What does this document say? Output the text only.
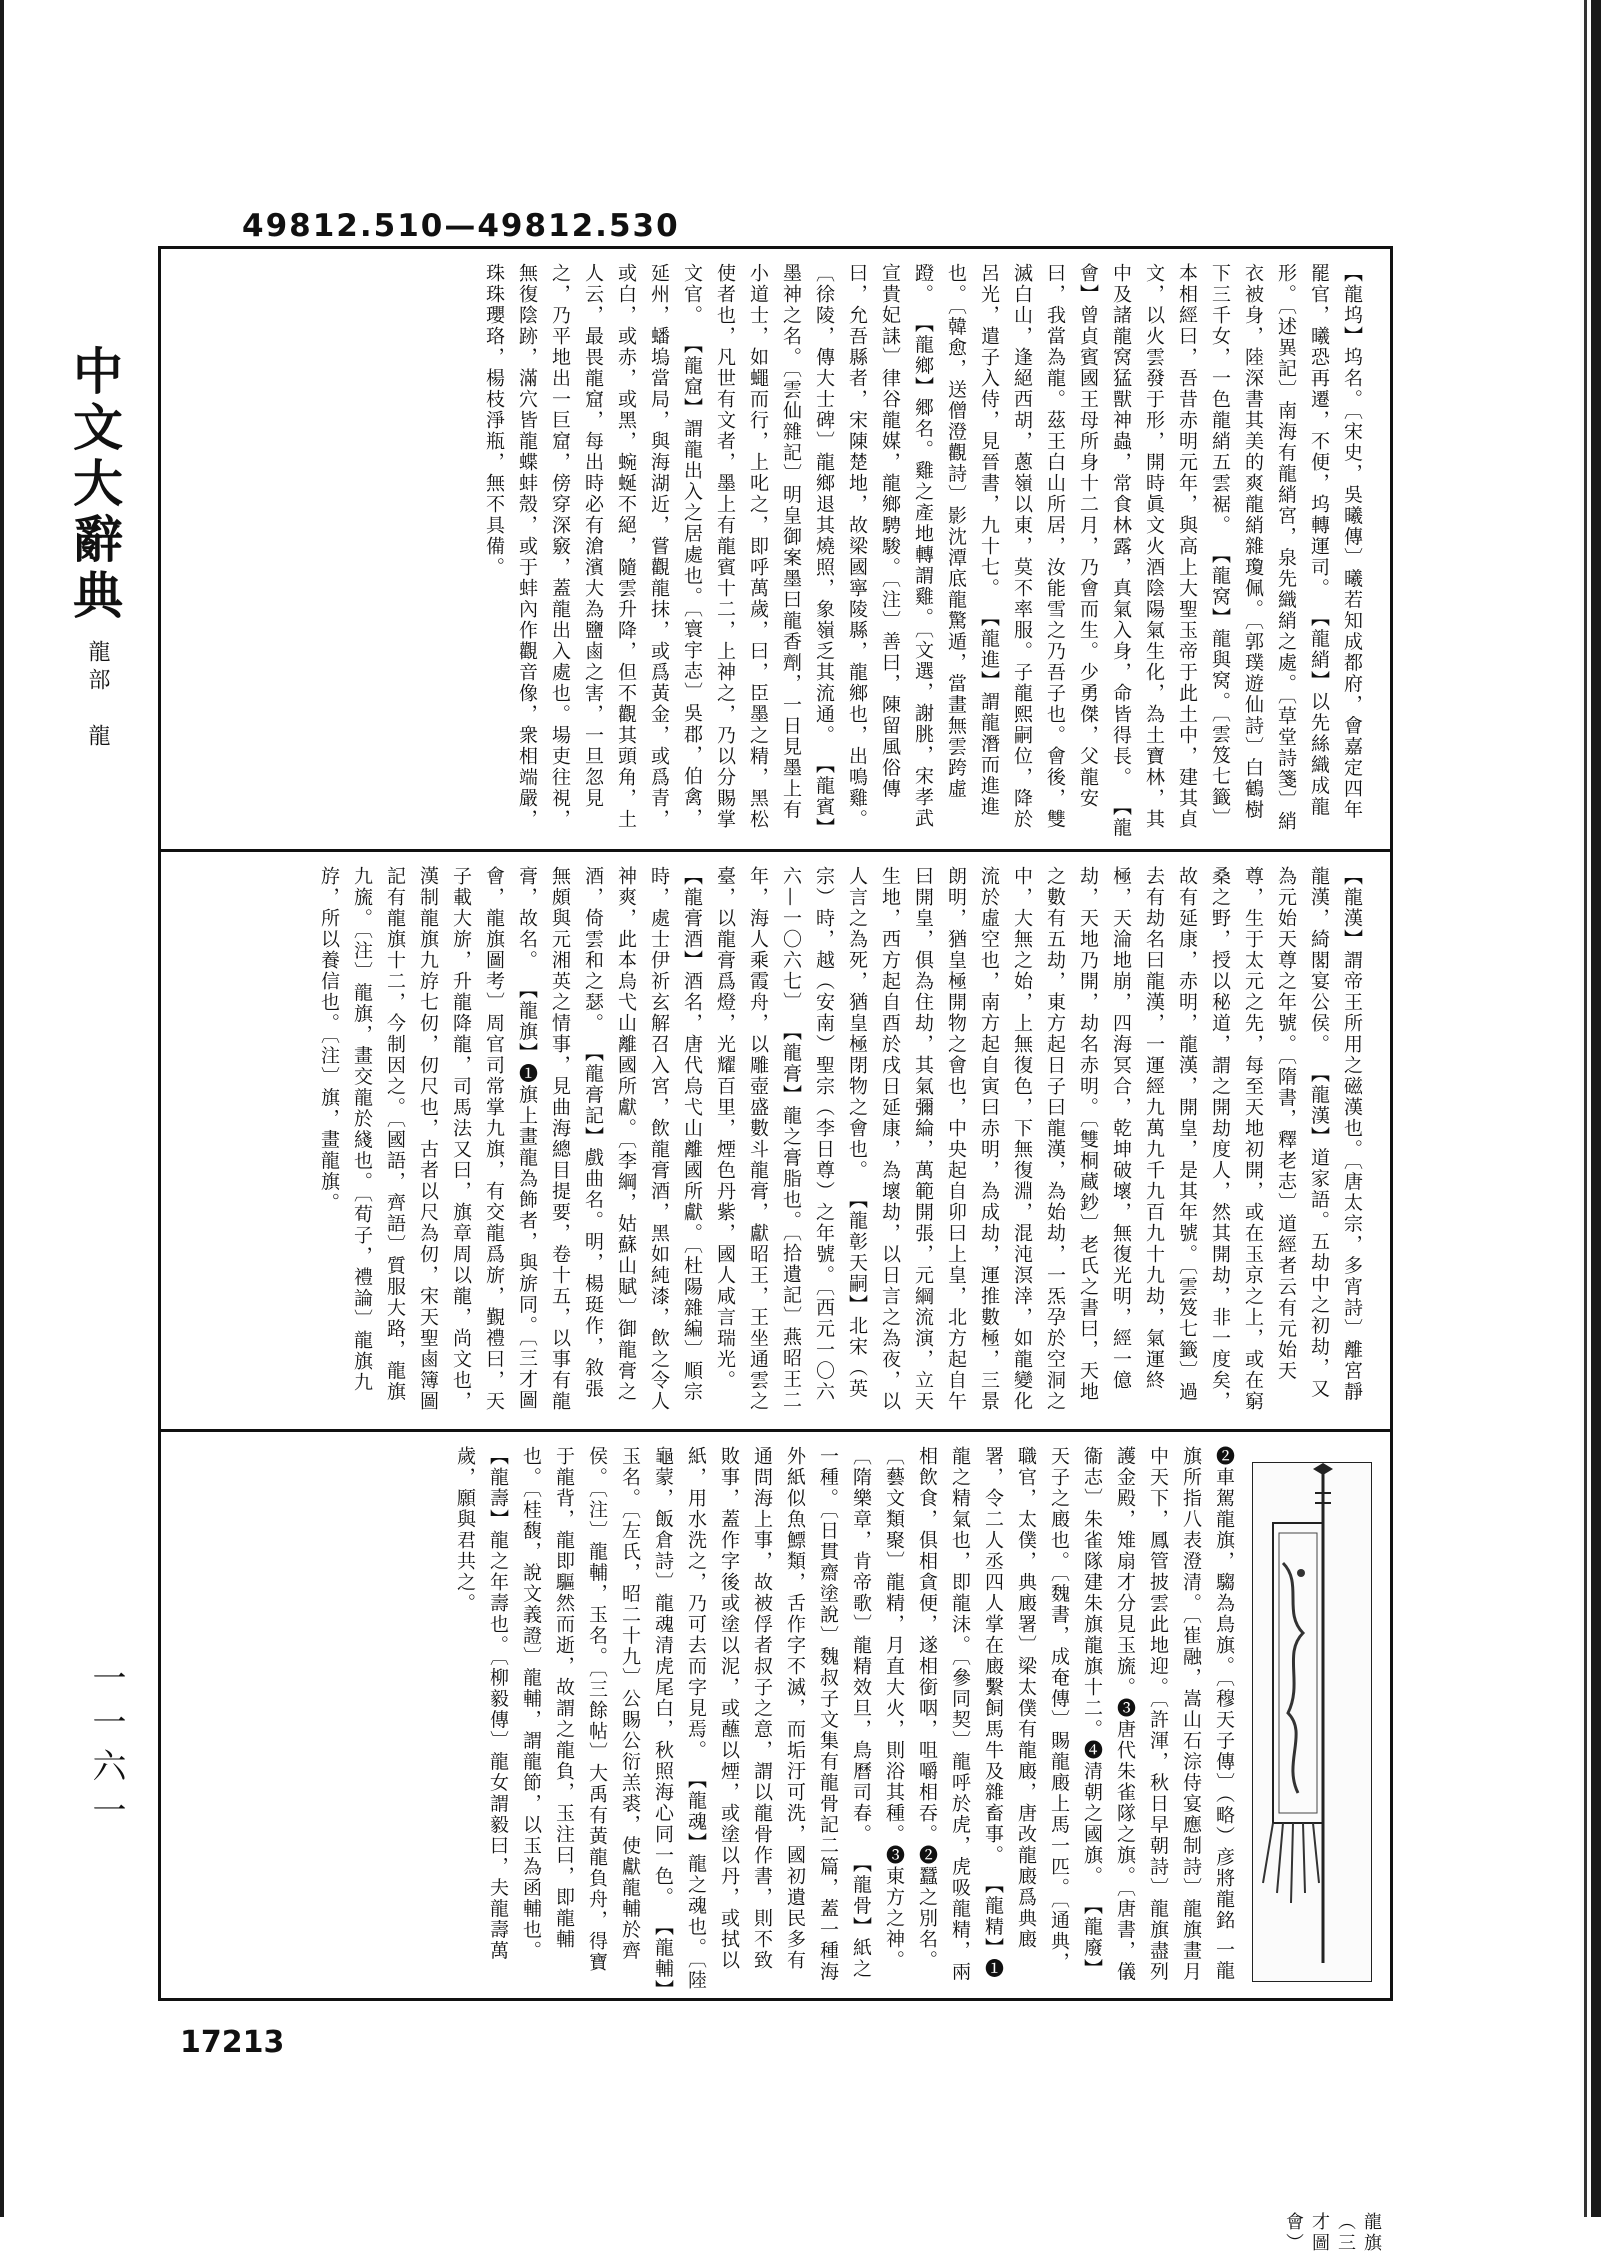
49812.510—49812.530
中文大辭典
龍部　龍
一一六一
【龍坞】坞名。〔宋史，吳曦傳〕曦若知成都府，會嘉定四年罷官，曦恐再遷，不便，坞轉運司。 【龍綃】以先絲織成龍形。〔述異記〕南海有龍綃宮，泉先織綃之處。〔草堂詩箋〕綃衣被身，陸深書其美的爽龍綃雜瓊佩。〔郭璞遊仙詩〕白鶴樹下三千女，一色龍綃五雲裾。 【龍窝】龍與窝。〔雲笈七籤〕本相經曰，吾昔赤明元年，與高上大聖玉帝于此土中，建其貞文，以火雲發于形，開時眞文火酒陰陽氣生化，為土寶林，其中及諸龍窝猛獸神蟲，常食林露，真氣入身，命皆得長。 【龍會】曾貞賓國王母所身十二月，乃會而生。少勇傑，父龍安曰，我當為龍。茲王白山所居，汝能雪之乃吾子也。會後，雙滅白山，逢絕西胡，蔥嶺以東，莫不率服。子龍熙嗣位，降於呂光，遣子入侍，見晉書，九十七。 【龍進】謂龍潛而進進也。〔韓愈，送僧澄觀詩〕影沈潭底龍驚遁，當畫無雲跨虛蹬。 【龍鄉】郷名。雞之產地轉謂雞。〔文選，謝朓，宋孝武宣貴妃誄〕律谷龍媒，龍鄉騁駿。〔注〕善曰，陳留風俗傳曰，允吾縣者，宋陳楚地，故梁國寧陵縣，龍鄉也，出鳴雞。〔徐陵，傳大士碑〕龍鄉退其燒照，象嶺乏其流通。 【龍賓】墨神之名。〔雲仙雜記〕明皇御案墨曰龍香劑，一日見墨上有小道士，如蠅而行，上叱之，即呼萬歲，曰，臣墨之精，黑松使者也，凡世有文者，墨上有龍賓十二，上神之，乃以分賜掌文官。 【龍窟】謂龍出入之居處也。〔寰宇志〕吳郡，伯禽，延州，蟠塢當局，與海湖近，嘗觀龍抹，或爲黃金，或爲青，或白，或赤，或黑，蜿蜒不絕，隨雲升降，但不觀其頭角，土人云，最畏龍窟，每出時必有滄濱大為鹽鹵之害，一旦忽見之，乃平地出一巨窟，傍穿深竅，蓋龍出入處也。場吏往視，無復陰跡，滿穴皆龍蝶蚌殼，或于蚌內作觀音像，衆相端嚴，珠珠瓔珞，楊枝淨瓶，無不具備。
【龍漢】謂帝王所用之磁漢也。〔唐太宗，多宵詩〕離宮靜龍漢，綺閣宴公侯。 【龍漢】道家語。五劫中之初劫，又為元始天尊之年號。〔隋書，釋老志〕道經者云有元始天尊，生于太元之先，每至天地初開，或在玉京之上，或在窮桑之野，授以秘道，謂之開劫度人，然其開劫，非一度矣，故有延康，赤明，龍漢，開皇，是其年號。〔雲笈七籤〕過去有劫名曰龍漢，一運經九萬九千九百九十九劫，氣運終極，天淪地崩，四海冥合，乾坤破壞，無復光明，經一億劫，天地乃開，劫名赤明。〔雙桐蔵鈔〕老氏之書曰，天地之數有五劫，東方起日子曰龍漢，為始劫，一炁孕於空洞之中，大無之始，上無復色，下無復淵，混沌溟涬，如龍變化流於虛空也，南方起自寅曰赤明，為成劫，運推數極，三景朗明，猶皇極開物之會也，中央起自卯曰上皇，北方起自午曰開皇，俱為住劫，其氣彌綸，萬範開張，元綱流演，立天生地，西方起自酉於戌日延康，為壞劫，以日言之為夜，以人言之為死，猶皇極閉物之會也。 【龍彰天嗣】北宋（英宗）時，越（安南）聖宗（李日尊）之年號。〔西元一〇六六—一〇六七〕 【龍膏】龍之膏脂也。〔拾遺記〕燕昭王二年，海人乘霞舟，以雕壺盛數斗龍膏，獻昭王，王坐通雲之臺，以龍膏爲燈，光耀百里，煙色丹紫，國人咸言瑞光。 【龍膏酒】酒名，唐代烏弋山離國所獻。〔杜陽雜編〕順宗時，處士伊祈玄解召入宮，飲龍膏酒，黑如純漆，飲之令人神爽，此本烏弋山離國所獻。〔李綱，姑蘇山賦〕御龍膏之酒，倚雲和之瑟。 【龍膏記】戲曲名。明，楊珽作，敘張無頗與元湘英之情事，見曲海總目提要，卷十五，以事有龍膏，故名。 【龍旗】❶旗上畫龍為飾者，與旂同。〔三才圖會，龍旗圖考〕周官司常掌九旗，有交龍爲旂，覲禮曰，天子載大旂，升龍降龍，司馬法又曰，旗章周以龍，尚文也，漢制龍旗九斿七仞，仞尺也，古者以尺為仞，宋天聖鹵簿圖記有龍旗十二，今制因之。〔國語，齊語〕質服大路，龍旗九旒。〔注〕龍旗，畫交龍於綫也。〔荀子，禮論〕龍旗九斿，所以養信也。〔注〕旗，畫龍旗。
龍旗（三才圖會）
❷車駕龍旗，騶為鳥旗。〔穆天子傳〕（略）彦將龍銘 一龍旗所指八表澄清。〔崔融，嵩山石淙侍宴應制詩〕龍旗畫月中天下，鳳管披雲此地迎。〔許渾，秋日早朝詩〕龍旗盡列護金殿，雉扇才分見玉旒。❸唐代朱雀隊之旗。〔唐書，儀衞志〕朱雀隊建朱旗龍旗十二。❹清朝之國旗。 【龍廢】天子之廄也。〔魏書，成奄傳〕賜龍廄上馬一匹。〔通典，職官，太僕，典廄署〕梁太僕有龍廄，唐改龍廄爲典廄署，令二人丞四人掌在廄繫飼馬牛及雜畜事。 【龍精】❶龍之精氣也，即龍沫。〔參同契〕龍呼於虎，虎吸龍精，兩相飲食，俱相貪便，遂相銜咽，咀嚼相吞。❷蠶之別名。〔藝文類聚〕龍精，月直大火，則浴其種。❸東方之神。〔隋樂章，肯帝歌〕龍精效旦，鳥曆司春。 【龍骨】紙之一種。〔日貫齋塗說〕魏叔子文集有龍骨記二篇，蓋一種海外紙似魚鰾類，舌作字不滅，而垢汙可洗，國初遺民多有通問海上事，故被俘者叔子之意，謂以龍骨作書，則不致敗事，蓋作字後或塗以泥，或蘸以煙，或塗以丹，或拭以紙，用水洗之，乃可去而字見焉。 【龍魂】龍之魂也。〔陸龜蒙，飯倉詩〕龍魂清虎尾白，秋照海心同一色。 【龍輔】玉名。〔左氏，昭二十九〕公賜公衍羔裘，使獻龍輔於齊侯。〔注〕龍輔，玉名。〔三餘帖〕大禹有黃龍負舟，得寶于龍背，龍即驅然而逝，故謂之龍負，玉注曰，即龍輔也。〔桂馥，說文義證〕龍輔，謂龍節，以玉為函輔也。 【龍壽】龍之年壽也。〔柳毅傳〕龍女謂毅曰，夫龍壽萬歲，願與君共之。
17213
